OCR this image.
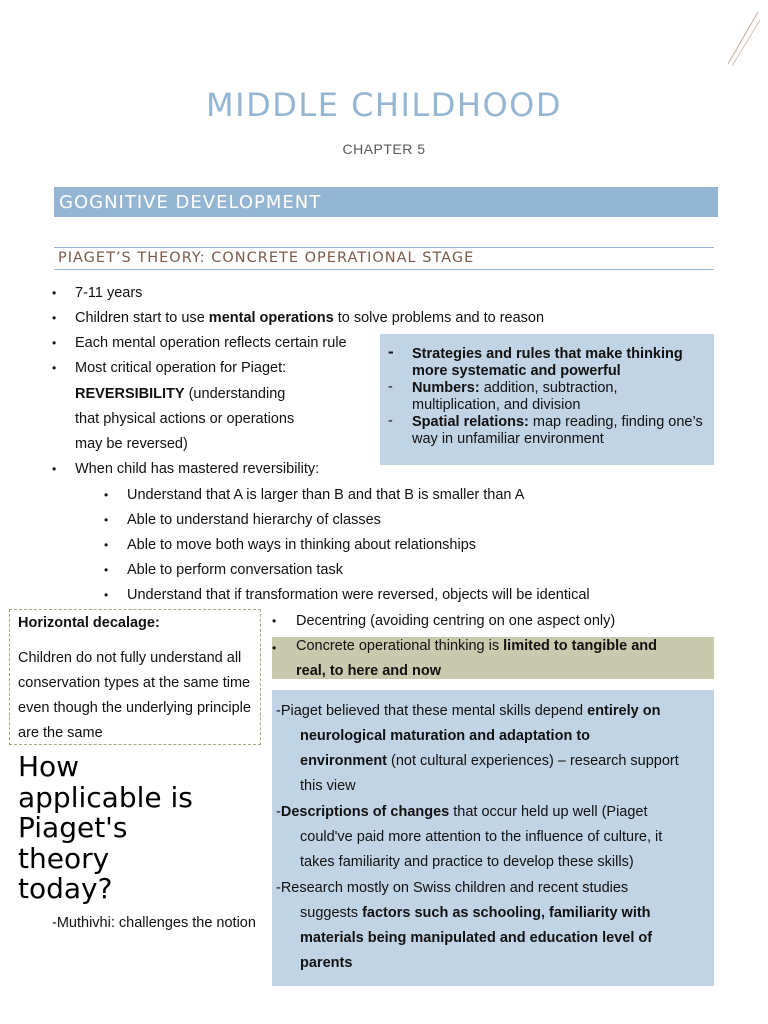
MIDDLE CHILDHOOD
CHAPTER 5
GOGNITIVE DEVELOPMENT
PIAGET’S THEORY: CONCRETE OPERATIONAL STAGE
• 7-11 years
• Children start to use mental operations to solve problems and to reason
• Each mental operation reflects certain rule
• Most critical operation for Piaget:
REVERSIBILITY (understanding
that physical actions or operations
may be reversed)
• When child has mastered reversibility:
• Understand that A is larger than B and that B is smaller than A
• Able to understand hierarchy of classes
• Able to move both ways in thinking about relationships
• Able to perform conversation task
• Understand that if transformation were reversed, objects will be identical
- Strategies and rules that make thinking more systematic and powerful
- Numbers: addition, subtraction, multiplication, and division
- Spatial relations: map reading, finding one’s way in unfamiliar environment
Horizontal decalage:
Children do not fully understand all conservation types at the same time even though the underlying principle are the same
• Decentring (avoiding centring on one aspect only)
• Concrete operational thinking is limited to tangible and
real, to here and now
How applicable is Piaget's theory today?
-Muthivhi: challenges the notion
-Piaget believed that these mental skills depend entirely on
neurological maturation and adaptation to
environment (not cultural experiences) – research support
this view
-Descriptions of changes that occur held up well (Piaget
could've paid more attention to the influence of culture, it
takes familiarity and practice to develop these skills)
-Research mostly on Swiss children and recent studies
suggests factors such as schooling, familiarity with
materials being manipulated and education level of
parents
